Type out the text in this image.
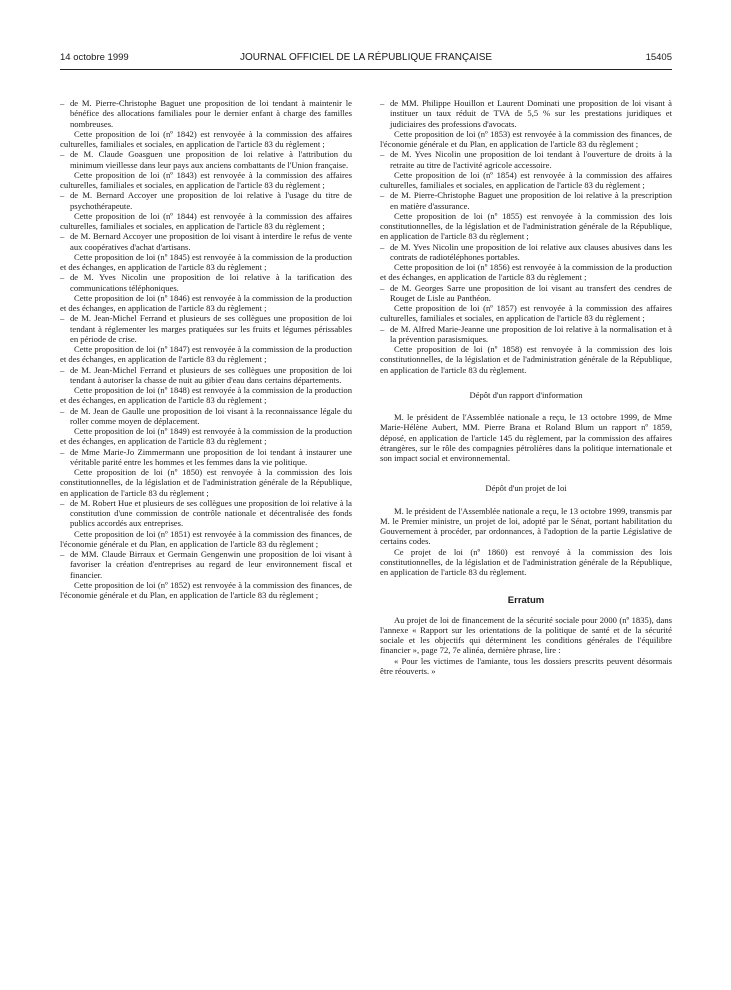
14 octobre 1999	JOURNAL OFFICIEL DE LA RÉPUBLIQUE FRANÇAISE	15405
– de M. Pierre-Christophe Baguet une proposition de loi tendant à maintenir le bénéfice des allocations familiales pour le dernier enfant à charge des familles nombreuses.

Cette proposition de loi (nº 1842) est renvoyée à la commission des affaires culturelles, familiales et sociales, en application de l'article 83 du règlement ;

– de M. Claude Goasguen une proposition de loi relative à l'attribution du minimum vieillesse dans leur pays aux anciens combattants de l'Union française.

Cette proposition de loi (nº 1843) est renvoyée à la commission des affaires culturelles, familiales et sociales, en application de l'article 83 du règlement ;

– de M. Bernard Accoyer une proposition de loi relative à l'usage du titre de psychothérapeute.

Cette proposition de loi (nº 1844) est renvoyée à la commission des affaires culturelles, familiales et sociales, en application de l'article 83 du règlement ;

– de M. Bernard Accoyer une proposition de loi visant à interdire le refus de vente aux coopératives d'achat d'artisans.

Cette proposition de loi (nº 1845) est renvoyée à la commission de la production et des échanges, en application de l'article 83 du règlement ;

– de M. Yves Nicolin une proposition de loi relative à la tarification des communications téléphoniques.

Cette proposition de loi (nº 1846) est renvoyée à la commission de la production et des échanges, en application de l'article 83 du règlement ;

– de M. Jean-Michel Ferrand et plusieurs de ses collègues une proposition de loi tendant à réglementer les marges pratiquées sur les fruits et légumes périssables en période de crise.

Cette proposition de loi (nº 1847) est renvoyée à la commission de la production et des échanges, en application de l'article 83 du règlement ;

– de M. Jean-Michel Ferrand et plusieurs de ses collègues une proposition de loi tendant à autoriser la chasse de nuit au gibier d'eau dans certains départements.

Cette proposition de loi (nº 1848) est renvoyée à la commission de la production et des échanges, en application de l'article 83 du règlement ;

– de M. Jean de Gaulle une proposition de loi visant à la reconnaissance légale du roller comme moyen de déplacement.

Cette proposition de loi (nº 1849) est renvoyée à la commission de la production et des échanges, en application de l'article 83 du règlement ;

– de Mme Marie-Jo Zimmermann une proposition de loi tendant à instaurer une véritable parité entre les hommes et les femmes dans la vie politique.

Cette proposition de loi (nº 1850) est renvoyée à la commission des lois constitutionnelles, de la législation et de l'administration générale de la République, en application de l'article 83 du règlement ;

– de M. Robert Hue et plusieurs de ses collègues une proposition de loi relative à la constitution d'une commission de contrôle nationale et décentralisée des fonds publics accordés aux entreprises.

Cette proposition de loi (nº 1851) est renvoyée à la commission des finances, de l'économie générale et du Plan, en application de l'article 83 du règlement ;

– de MM. Claude Birraux et Germain Gengenwin une proposition de loi visant à favoriser la création d'entreprises au regard de leur environnement fiscal et financier.

Cette proposition de loi (nº 1852) est renvoyée à la commission des finances, de l'économie générale et du Plan, en application de l'article 83 du règlement ;

– de MM. Philippe Houillon et Laurent Dominati une proposition de loi visant à instituer un taux réduit de TVA de 5,5 % sur les prestations juridiques et judiciaires des professions d'avocats.

Cette proposition de loi (nº 1853) est renvoyée à la commission des finances, de l'économie générale et du Plan, en application de l'article 83 du règlement ;

– de M. Yves Nicolin une proposition de loi tendant à l'ouverture de droits à la retraite au titre de l'activité agricole accessoire.

Cette proposition de loi (nº 1854) est renvoyée à la commission des affaires culturelles, familiales et sociales, en application de l'article 83 du règlement ;

– de M. Pierre-Christophe Baguet une proposition de loi relative à la prescription en matière d'assurance.

Cette proposition de loi (nº 1855) est renvoyée à la commission des lois constitutionnelles, de la législation et de l'administration générale de la République, en application de l'article 83 du règlement ;

– de M. Yves Nicolin une proposition de loi relative aux clauses abusives dans les contrats de radiotéléphones portables.

Cette proposition de loi (nº 1856) est renvoyée à la commission de la production et des échanges, en application de l'article 83 du règlement ;

– de M. Georges Sarre une proposition de loi visant au transfert des cendres de Rouget de Lisle au Panthéon.

Cette proposition de loi (nº 1857) est renvoyée à la commission des affaires culturelles, familiales et sociales, en application de l'article 83 du règlement ;

– de M. Alfred Marie-Jeanne une proposition de loi relative à la normalisation et à la prévention parasismiques.

Cette proposition de loi (nº 1858) est renvoyée à la commission des lois constitutionnelles, de la législation et de l'administration générale de la République, en application de l'article 83 du règlement.

Dépôt d'un rapport d'information

M. le président de l'Assemblée nationale a reçu, le 13 octobre 1999, de Mme Marie-Hélène Aubert, MM. Pierre Brana et Roland Blum un rapport nº 1859, déposé, en application de l'article 145 du règlement, par la commission des affaires étrangères, sur le rôle des compagnies pétrolières dans la politique internationale et son impact social et environnemental.

Dépôt d'un projet de loi

M. le président de l'Assemblée nationale a reçu, le 13 octobre 1999, transmis par M. le Premier ministre, un projet de loi, adopté par le Sénat, portant habilitation du Gouvernement à procéder, par ordonnances, à l'adoption de la partie Législative de certains codes.

Ce projet de loi (nº 1860) est renvoyé à la commission des lois constitutionnelles, de la législation et de l'administration générale de la République, en application de l'article 83 du règlement.

Erratum

Au projet de loi de financement de la sécurité sociale pour 2000 (nº 1835), dans l'annexe « Rapport sur les orientations de la politique de santé et de la sécurité sociale et les objectifs qui déterminent les conditions générales de l'équilibre financier », page 72, 7e alinéa, dernière phrase, lire :

« Pour les victimes de l'amiante, tous les dossiers prescrits peuvent désormais être réouverts. »
